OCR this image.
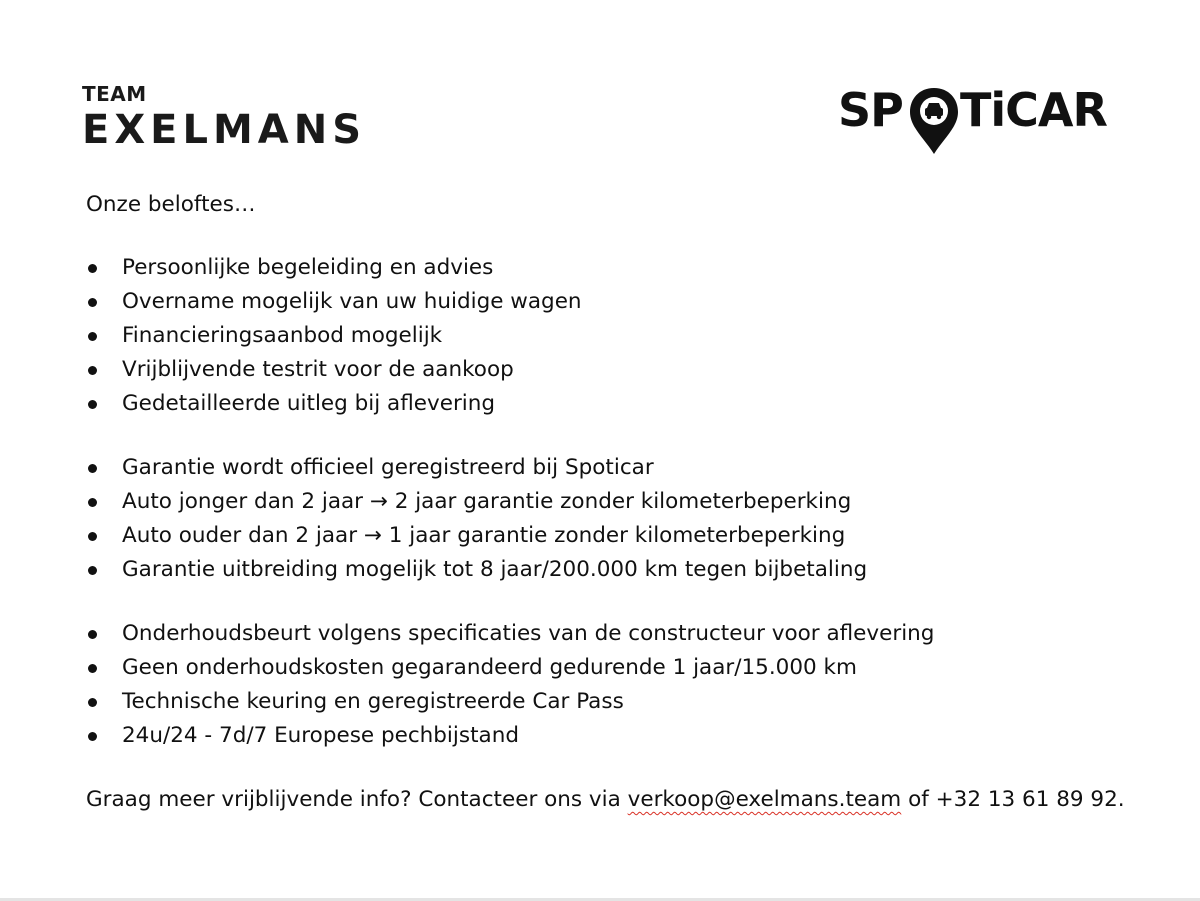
TEAM
EXELMANS	SP TiCAR

Onze beloftes…

Persoonlijke begeleiding en advies
Overname mogelijk van uw huidige wagen
Financieringsaanbod mogelijk
Vrijblijvende testrit voor de aankoop
Gedetailleerde uitleg bij aflevering
Garantie wordt officieel geregistreerd bij Spoticar
Auto jonger dan 2 jaar → 2 jaar garantie zonder kilometerbeperking
Auto ouder dan 2 jaar → 1 jaar garantie zonder kilometerbeperking
Garantie uitbreiding mogelijk tot 8 jaar/200.000 km tegen bijbetaling
Onderhoudsbeurt volgens specificaties van de constructeur voor aflevering
Geen onderhoudskosten gegarandeerd gedurende 1 jaar/15.000 km
Technische keuring en geregistreerde Car Pass
24u/24 - 7d/7 Europese pechbijstand
Graag meer vrijblijvende info? Contacteer ons via verkoop@exelmans.team of +32 13 61 89 92.
